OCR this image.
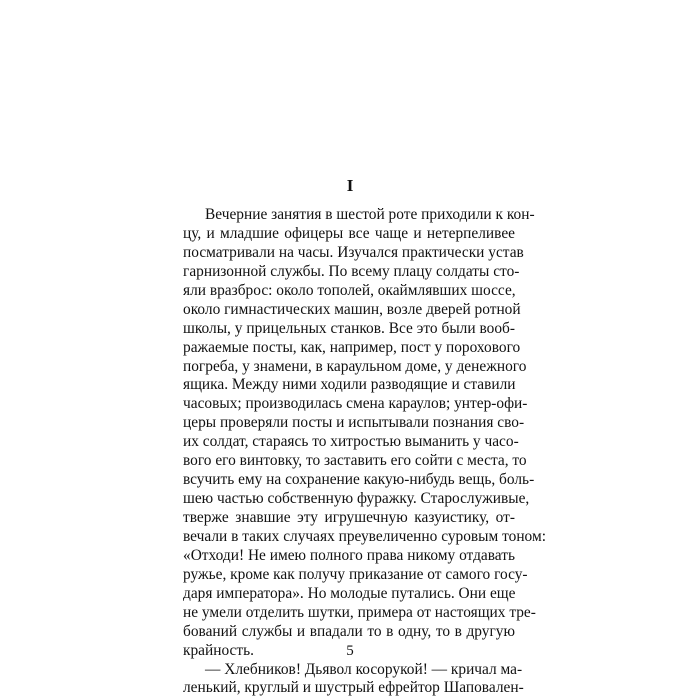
I
Вечерние занятия в шестой роте приходили к кон-
цу, и младшие офицеры все чаще и нетерпеливее
посматривали на часы. Изучался практически устав
гарнизонной службы. По всему плацу солдаты сто-
яли вразброс: около тополей, окаймлявших шоссе,
около гимнастических машин, возле дверей ротной
школы, у прицельных станков. Все это были вооб-
ражаемые посты, как, например, пост у порохового
погреба, у знамени, в караульном доме, у денежного
ящика. Между ними ходили разводящие и ставили
часовых; производилась смена караулов; унтер-офи-
церы проверяли посты и испытывали познания сво-
их солдат, стараясь то хитростью выманить у часо-
вого его винтовку, то заставить его сойти с места, то
всучить ему на сохранение какую-нибудь вещь, боль-
шею частью собственную фуражку. Старослуживые,
тверже знавшие эту игрушечную казуистику, от-
вечали в таких случаях преувеличенно суровым тоном:
«Отходи! Не имею полного права никому отдавать
ружье, кроме как получу приказание от самого госу-
даря императора». Но молодые путались. Они еще
не умели отделить шутки, примера от настоящих тре-
бований службы и впадали то в одну, то в другую
крайность.
— Хлебников! Дьявол косорукой! — кричал ма-
ленький, круглый и шустрый ефрейтор Шаповален-
5
